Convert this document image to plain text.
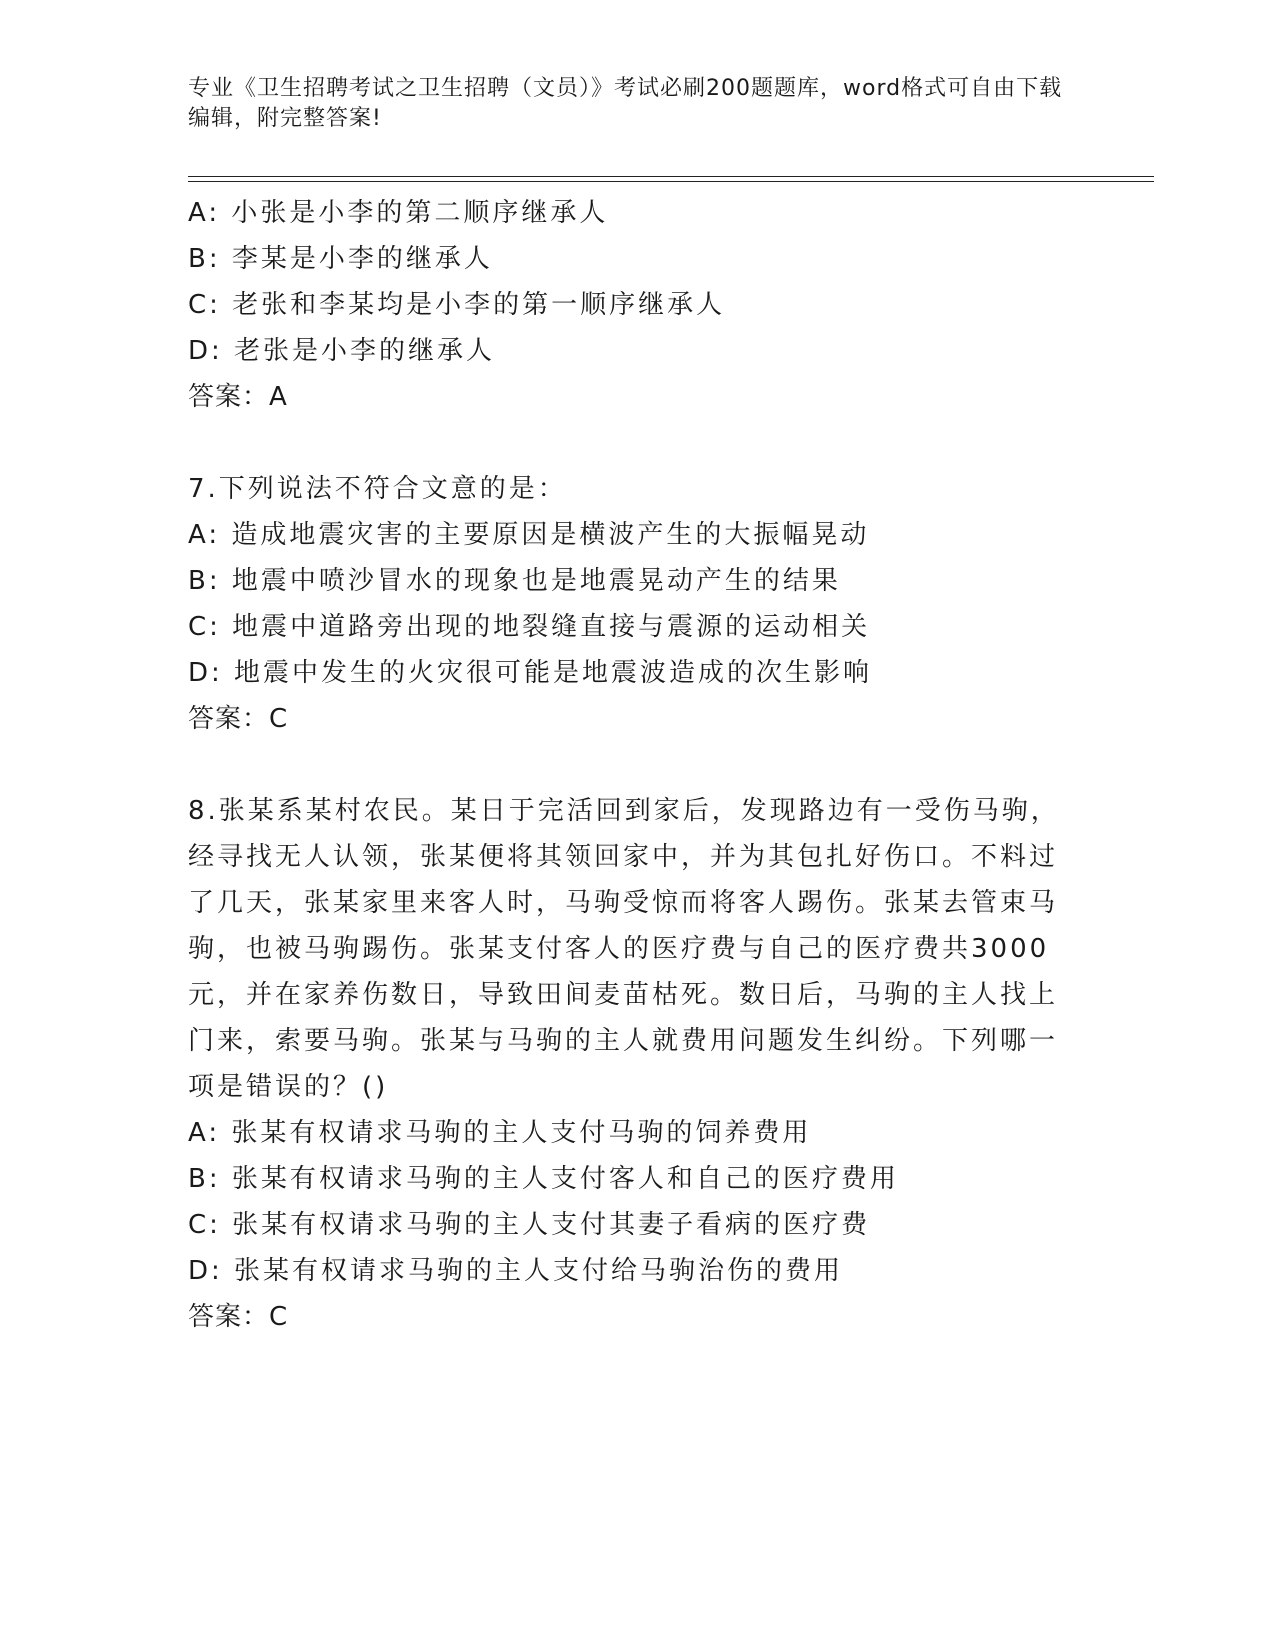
专业《卫生招聘考试之卫生招聘（文员）》考试必刷200题题库，word格式可自由下载编辑，附完整答案!
A: 小张是小李的第二顺序继承人
B: 李某是小李的继承人
C: 老张和李某均是小李的第一顺序继承人
D: 老张是小李的继承人
答案：A
7.下列说法不符合文意的是：
A: 造成地震灾害的主要原因是横波产生的大振幅晃动
B: 地震中喷沙冒水的现象也是地震晃动产生的结果
C: 地震中道路旁出现的地裂缝直接与震源的运动相关
D: 地震中发生的火灾很可能是地震波造成的次生影响
答案：C
8.张某系某村农民。某日于完活回到家后，发现路边有一受伤马驹，经寻找无人认领，张某便将其领回家中，并为其包扎好伤口。不料过了几天，张某家里来客人时，马驹受惊而将客人踢伤。张某去管束马驹，也被马驹踢伤。张某支付客人的医疗费与自己的医疗费共3000元，并在家养伤数日，导致田间麦苗枯死。数日后，马驹的主人找上门来，索要马驹。张某与马驹的主人就费用问题发生纠纷。下列哪一项是错误的？()
A: 张某有权请求马驹的主人支付马驹的饲养费用
B: 张某有权请求马驹的主人支付客人和自己的医疗费用
C: 张某有权请求马驹的主人支付其妻子看病的医疗费
D: 张某有权请求马驹的主人支付给马驹治伤的费用
答案：C
